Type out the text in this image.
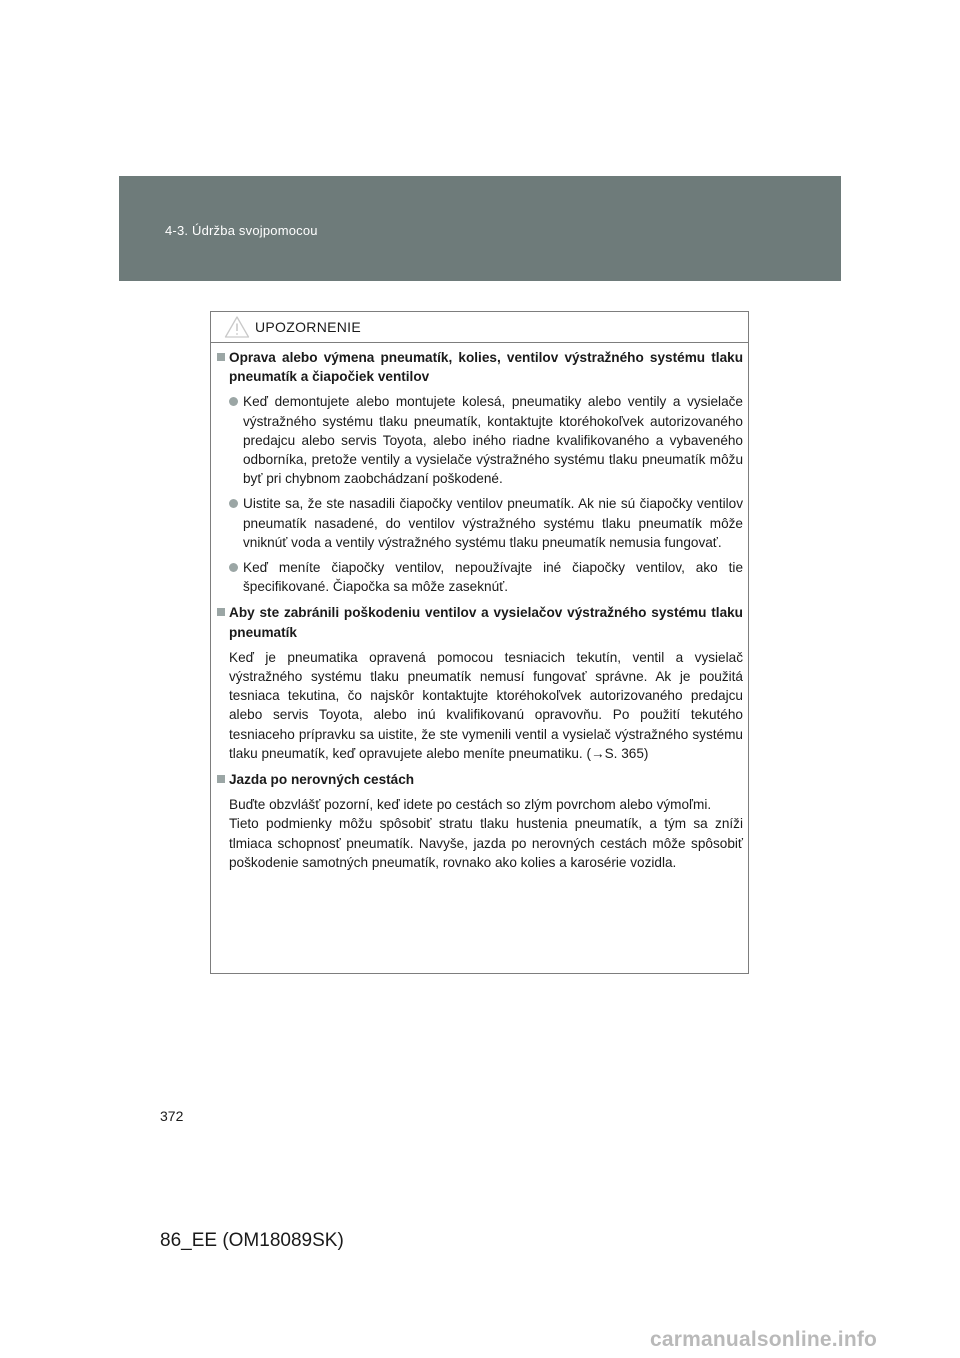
4-3. Údržba svojpomocou
UPOZORNENIE
Oprava alebo výmena pneumatík, kolies, ventilov výstražného systému tlaku pneumatík a čiapočiek ventilov
Keď demontujete alebo montujete kolesá, pneumatiky alebo ventily a vysielače výstražného systému tlaku pneumatík, kontaktujte ktoréhokoľvek autorizovaného predajcu alebo servis Toyota, alebo iného riadne kvalifikovaného a vybaveného odborníka, pretože ventily a vysielače výstražného systému tlaku pneumatík môžu byť pri chybnom zaobchádzaní poškodené.
Uistite sa, že ste nasadili čiapočky ventilov pneumatík. Ak nie sú čiapočky ventilov pneumatík nasadené, do ventilov výstražného systému tlaku pneumatík môže vniknúť voda a ventily výstražného systému tlaku pneumatík nemusia fungovať.
Keď meníte čiapočky ventilov, nepoužívajte iné čiapočky ventilov, ako tie špecifikované. Čiapočka sa môže zaseknúť.
Aby ste zabránili poškodeniu ventilov a vysielačov výstražného systému tlaku pneumatík
Keď je pneumatika opravená pomocou tesniacich tekutín, ventil a vysielač výstražného systému tlaku pneumatík nemusí fungovať správne. Ak je použitá tesniaca tekutina, čo najskôr kontaktujte ktoréhokoľvek autorizovaného predajcu alebo servis Toyota, alebo inú kvalifikovanú opravovňu. Po použití tekutého tesniaceho prípravku sa uistite, že ste vymenili ventil a vysielač výstražného systému tlaku pneumatík, keď opravujete alebo meníte pneumatiku. (→S. 365)
Jazda po nerovných cestách
Buďte obzvlášť pozorní, keď idete po cestách so zlým povrchom alebo výmoľmi.
Tieto podmienky môžu spôsobiť stratu tlaku hustenia pneumatík, a tým sa zníži tlmiaca schopnosť pneumatík. Navyše, jazda po nerovných cestách môže spôsobiť poškodenie samotných pneumatík, rovnako ako kolies a karosérie vozidla.
372
86_EE (OM18089SK)
carmanualsonline.info
